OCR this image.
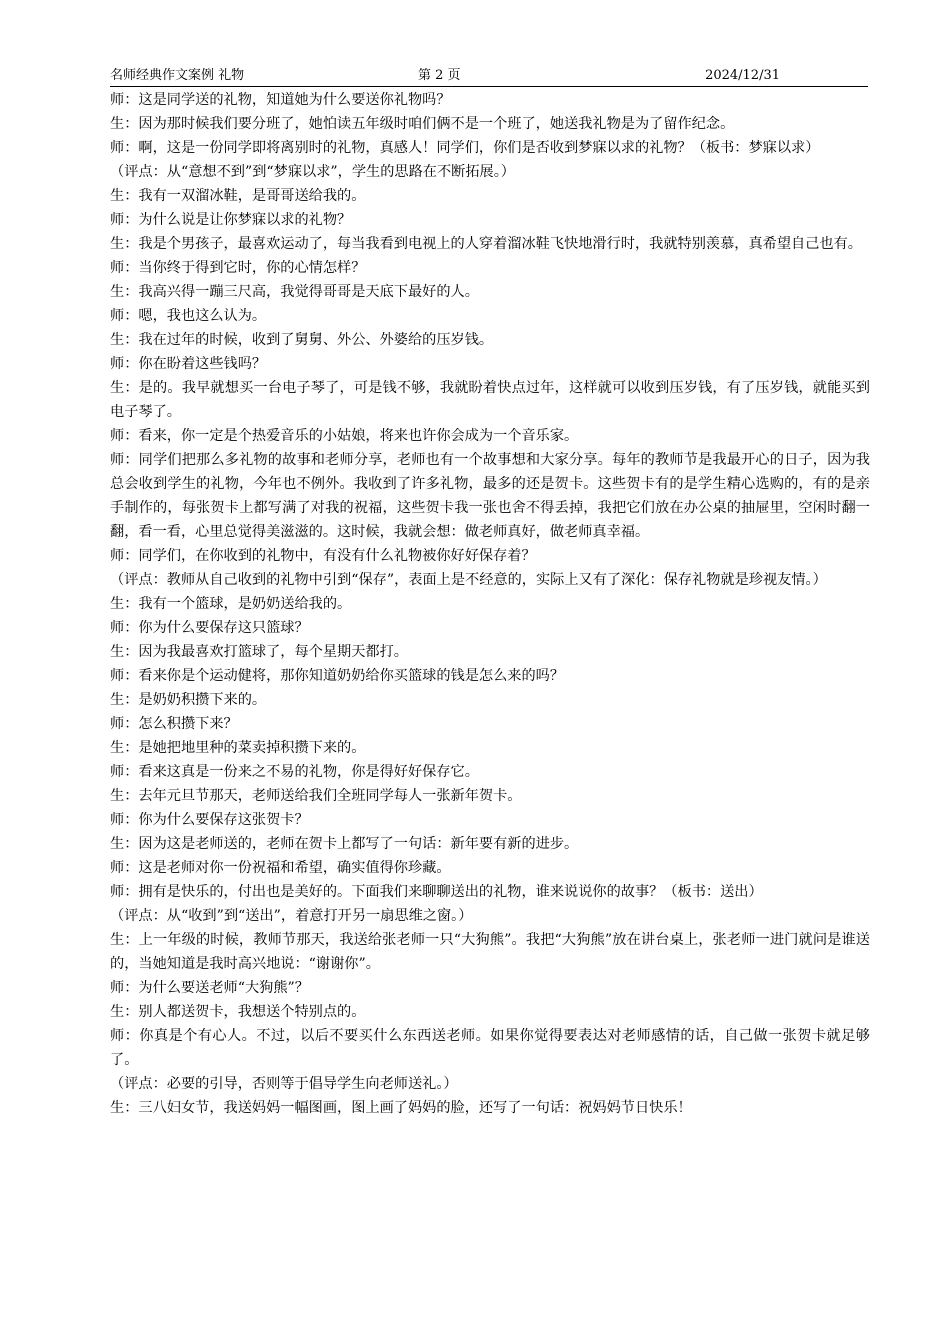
名师经典作文案例 礼物	第 2 页	2024/12/31

师：这是同学送的礼物，知道她为什么要送你礼物吗？

生：因为那时候我们要分班了，她怕读五年级时咱们俩不是一个班了，她送我礼物是为了留作纪念。

师：啊，这是一份同学即将离别时的礼物，真感人！同学们，你们是否收到梦寐以求的礼物？（板书：梦寐以求）

（评点：从“意想不到”到“梦寐以求”，学生的思路在不断拓展。）

生：我有一双溜冰鞋，是哥哥送给我的。

师：为什么说是让你梦寐以求的礼物？

生：我是个男孩子，最喜欢运动了，每当我看到电视上的人穿着溜冰鞋飞快地滑行时，我就特别羡慕，真希望自己也有。

师：当你终于得到它时，你的心情怎样？

生：我高兴得一蹦三尺高，我觉得哥哥是天底下最好的人。

师：嗯，我也这么认为。

生：我在过年的时候，收到了舅舅、外公、外婆给的压岁钱。

师：你在盼着这些钱吗？

生：是的。我早就想买一台电子琴了，可是钱不够，我就盼着快点过年，这样就可以收到压岁钱，有了压岁钱，就能买到电子琴了。

师：看来，你一定是个热爱音乐的小姑娘，将来也许你会成为一个音乐家。

师：同学们把那么多礼物的故事和老师分享，老师也有一个故事想和大家分享。每年的教师节是我最开心的日子，因为我总会收到学生的礼物，今年也不例外。我收到了许多礼物，最多的还是贺卡。这些贺卡有的是学生精心选购的，有的是亲手制作的，每张贺卡上都写满了对我的祝福，这些贺卡我一张也舍不得丢掉，我把它们放在办公桌的抽屉里，空闲时翻一翻，看一看，心里总觉得美滋滋的。这时候，我就会想：做老师真好，做老师真幸福。

师：同学们，在你收到的礼物中，有没有什么礼物被你好好保存着？

（评点：教师从自己收到的礼物中引到“保存”，表面上是不经意的，实际上又有了深化：保存礼物就是珍视友情。）

生：我有一个篮球，是奶奶送给我的。

师：你为什么要保存这只篮球？

生：因为我最喜欢打篮球了，每个星期天都打。

师：看来你是个运动健将，那你知道奶奶给你买篮球的钱是怎么来的吗？

生：是奶奶积攒下来的。

师：怎么积攒下来？

生：是她把地里种的菜卖掉积攒下来的。

师：看来这真是一份来之不易的礼物，你是得好好保存它。

生：去年元旦节那天，老师送给我们全班同学每人一张新年贺卡。

师：你为什么要保存这张贺卡？

生：因为这是老师送的，老师在贺卡上都写了一句话：新年要有新的进步。

师：这是老师对你一份祝福和希望，确实值得你珍藏。

师：拥有是快乐的，付出也是美好的。下面我们来聊聊送出的礼物，谁来说说你的故事？（板书：送出）

（评点：从“收到”到“送出”，着意打开另一扇思维之窗。）

生：上一年级的时候，教师节那天，我送给张老师一只“大狗熊”。我把“大狗熊”放在讲台桌上，张老师一进门就问是谁送的，当她知道是我时高兴地说：“谢谢你”。

师：为什么要送老师“大狗熊”？

生：别人都送贺卡，我想送个特别点的。

师：你真是个有心人。不过，以后不要买什么东西送老师。如果你觉得要表达对老师感情的话，自己做一张贺卡就足够了。

（评点：必要的引导，否则等于倡导学生向老师送礼。）

生：三八妇女节，我送妈妈一幅图画，图上画了妈妈的脸，还写了一句话：祝妈妈节日快乐！
